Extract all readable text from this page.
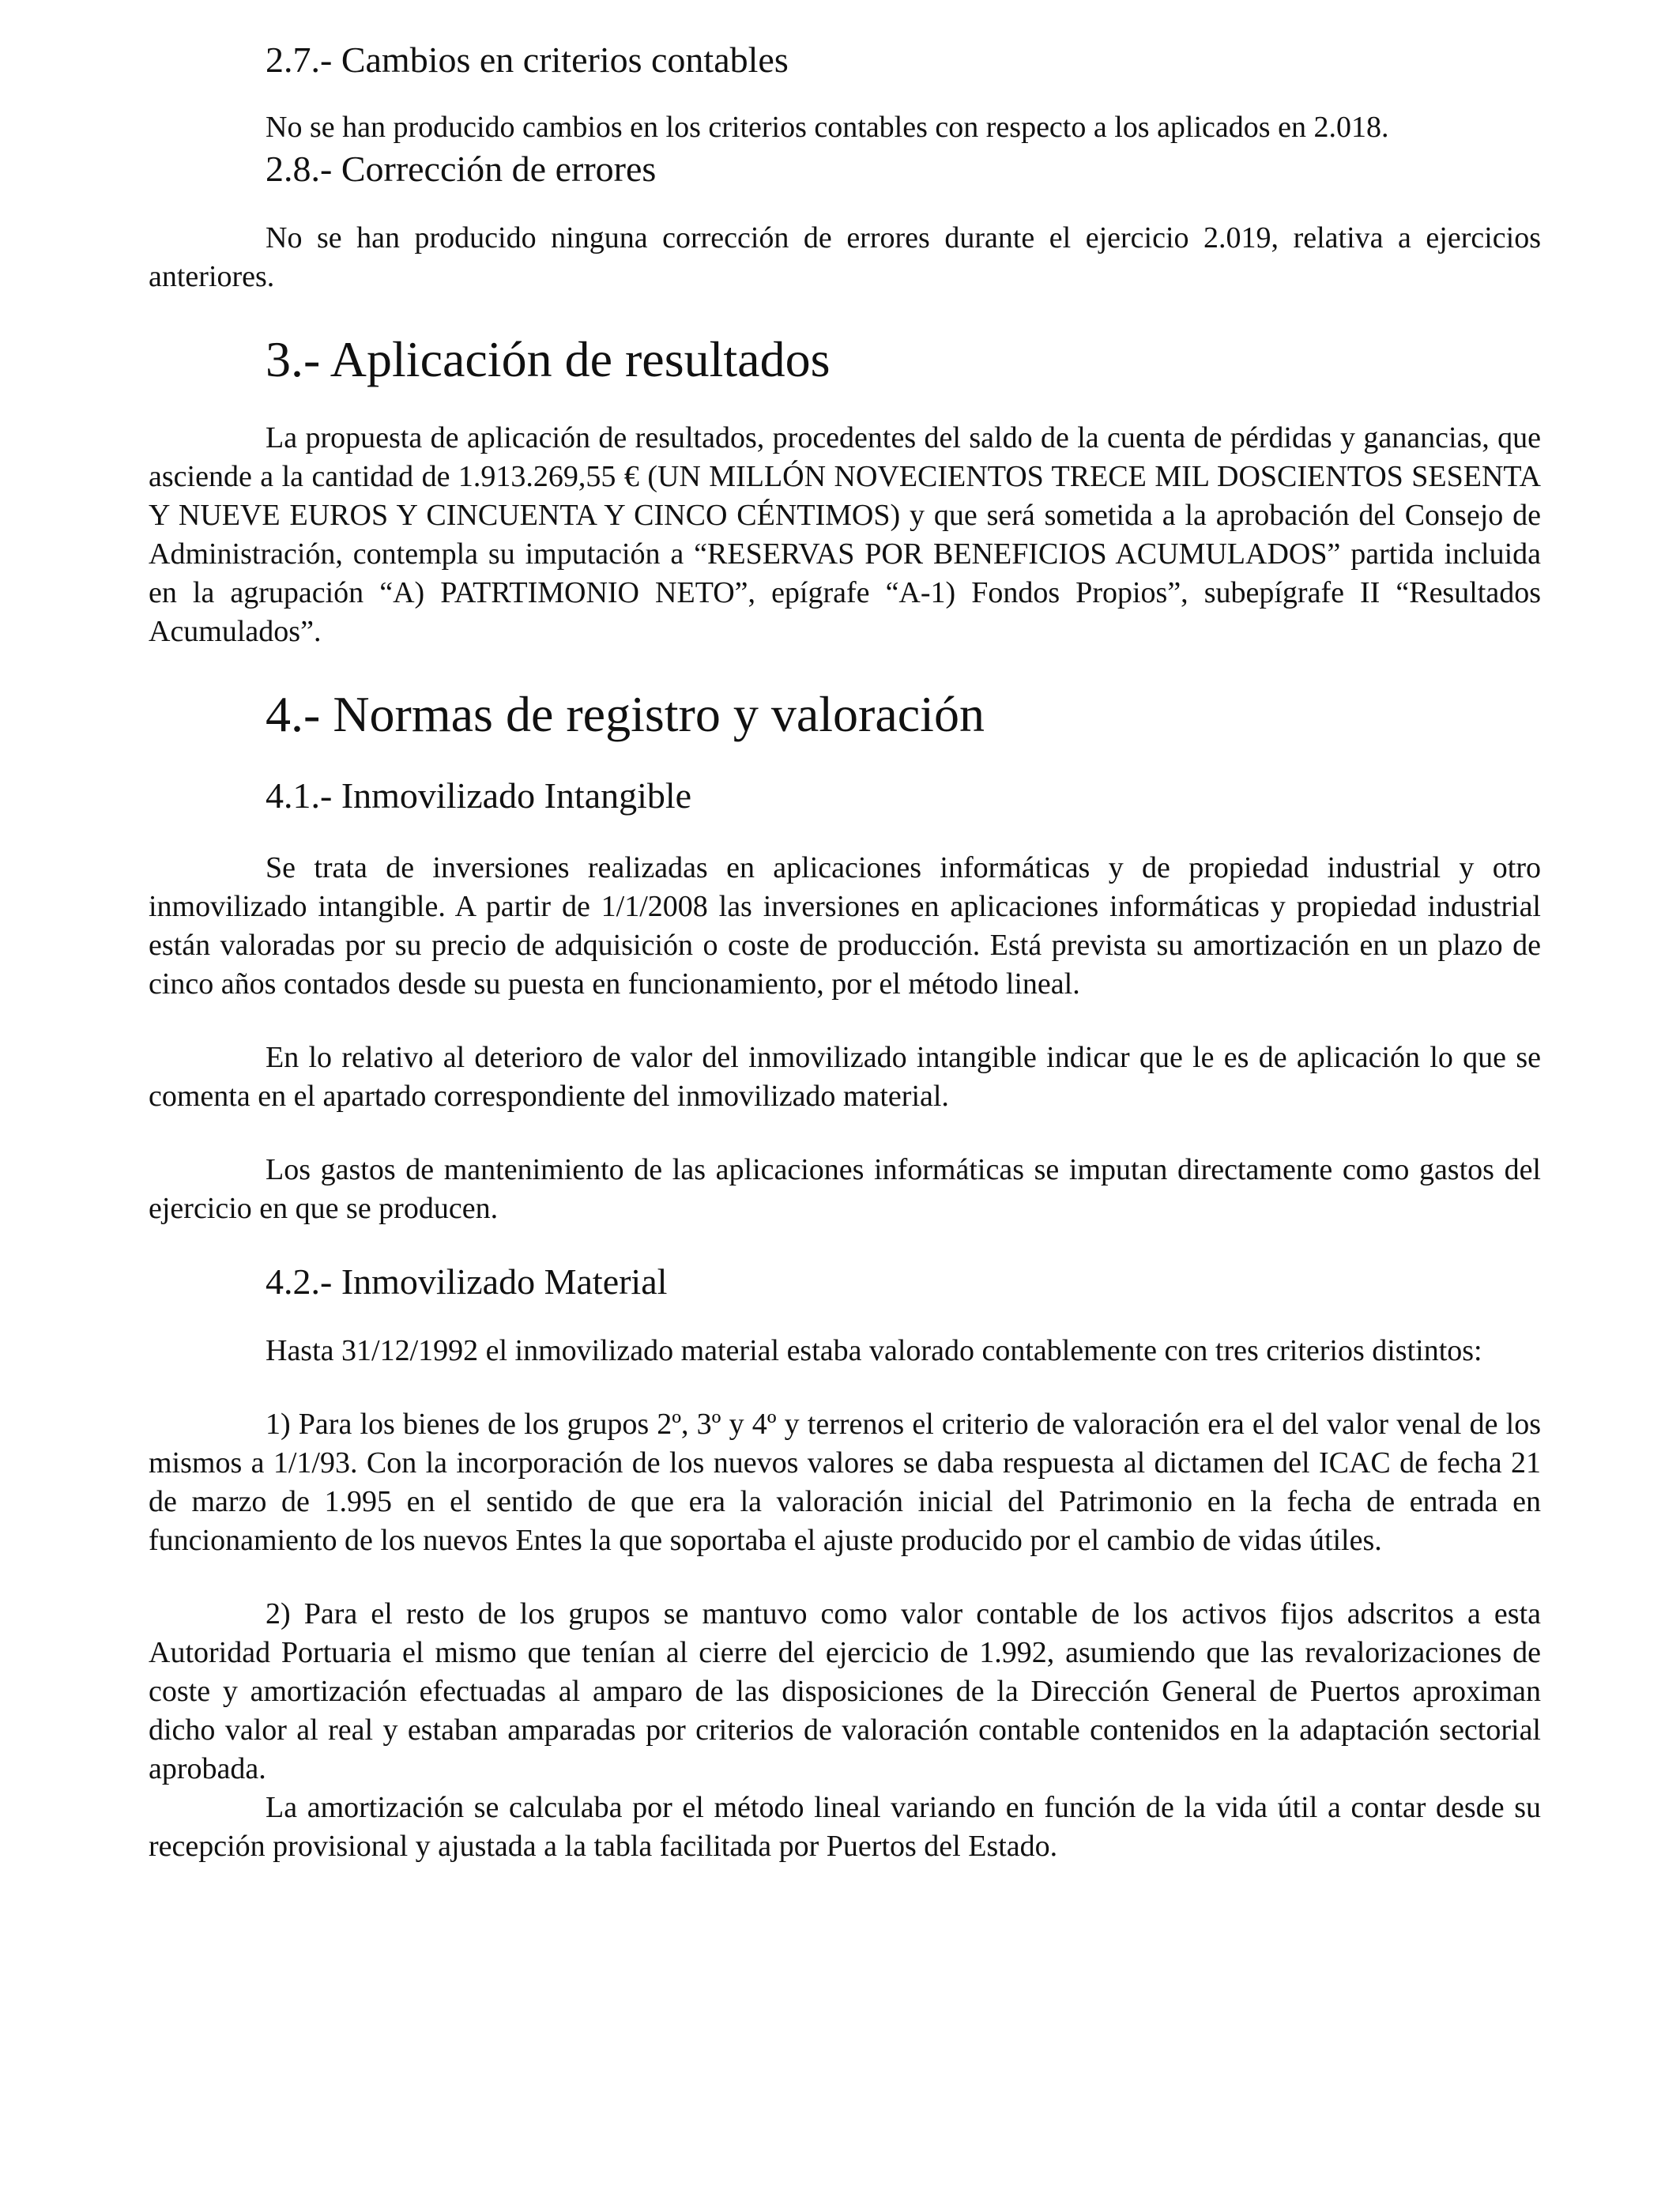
2.7.- Cambios en criterios contables

No se han producido cambios en los criterios contables con respecto a los aplicados en 2.018.

2.8.- Corrección de errores

No se han producido ninguna corrección de errores durante el ejercicio 2.019, relativa a ejercicios anteriores.

3.- Aplicación de resultados

La propuesta de aplicación de resultados, procedentes del saldo de la cuenta de pérdidas y ganancias, que asciende a la cantidad de 1.913.269,55 € (UN MILLÓN NOVECIENTOS TRECE MIL DOSCIENTOS SESENTA Y NUEVE EUROS Y CINCUENTA Y CINCO CÉNTIMOS) y que será sometida a la aprobación del Consejo de Administración, contempla su imputación a “RESERVAS POR BENEFICIOS ACUMULADOS” partida incluida en la agrupación “A) PATRTIMONIO NETO”, epígrafe “A-1) Fondos Propios”, subepígrafe II “Resultados Acumulados”.

4.- Normas de registro y valoración
4.1.- Inmovilizado Intangible

Se trata de inversiones realizadas en aplicaciones informáticas y de propiedad industrial y otro inmovilizado intangible. A partir de 1/1/2008 las inversiones en aplicaciones informáticas y propiedad industrial están valoradas por su precio de adquisición o coste de producción. Está prevista su amortización en un plazo de cinco años contados desde su puesta en funcionamiento, por el método lineal.

En lo relativo al deterioro de valor del inmovilizado intangible indicar que le es de aplicación lo que se comenta en el apartado correspondiente del inmovilizado material.

Los gastos de mantenimiento de las aplicaciones informáticas se imputan directamente como gastos del ejercicio en que se producen.

4.2.- Inmovilizado Material

Hasta 31/12/1992 el inmovilizado material estaba valorado contablemente con tres criterios distintos:

1) Para los bienes de los grupos 2º, 3º y 4º y terrenos el criterio de valoración era el del valor venal de los mismos a 1/1/93. Con la incorporación de los nuevos valores se daba respuesta al dictamen del ICAC de fecha 21 de marzo de 1.995 en el sentido de que era la valoración inicial del Patrimonio en la fecha de entrada en funcionamiento de los nuevos Entes la que soportaba el ajuste producido por el cambio de vidas útiles.

2) Para el resto de los grupos se mantuvo como valor contable de los activos fijos adscritos a esta Autoridad Portuaria el mismo que tenían al cierre del ejercicio de 1.992, asumiendo que las revalorizaciones de coste y amortización efectuadas al amparo de las disposiciones de la Dirección General de Puertos aproximan dicho valor al real y estaban amparadas por criterios de valoración contable contenidos en la adaptación sectorial aprobada.

La amortización se calculaba por el método lineal variando en función de la vida útil a contar desde su recepción provisional y ajustada a la tabla facilitada por Puertos del Estado.
